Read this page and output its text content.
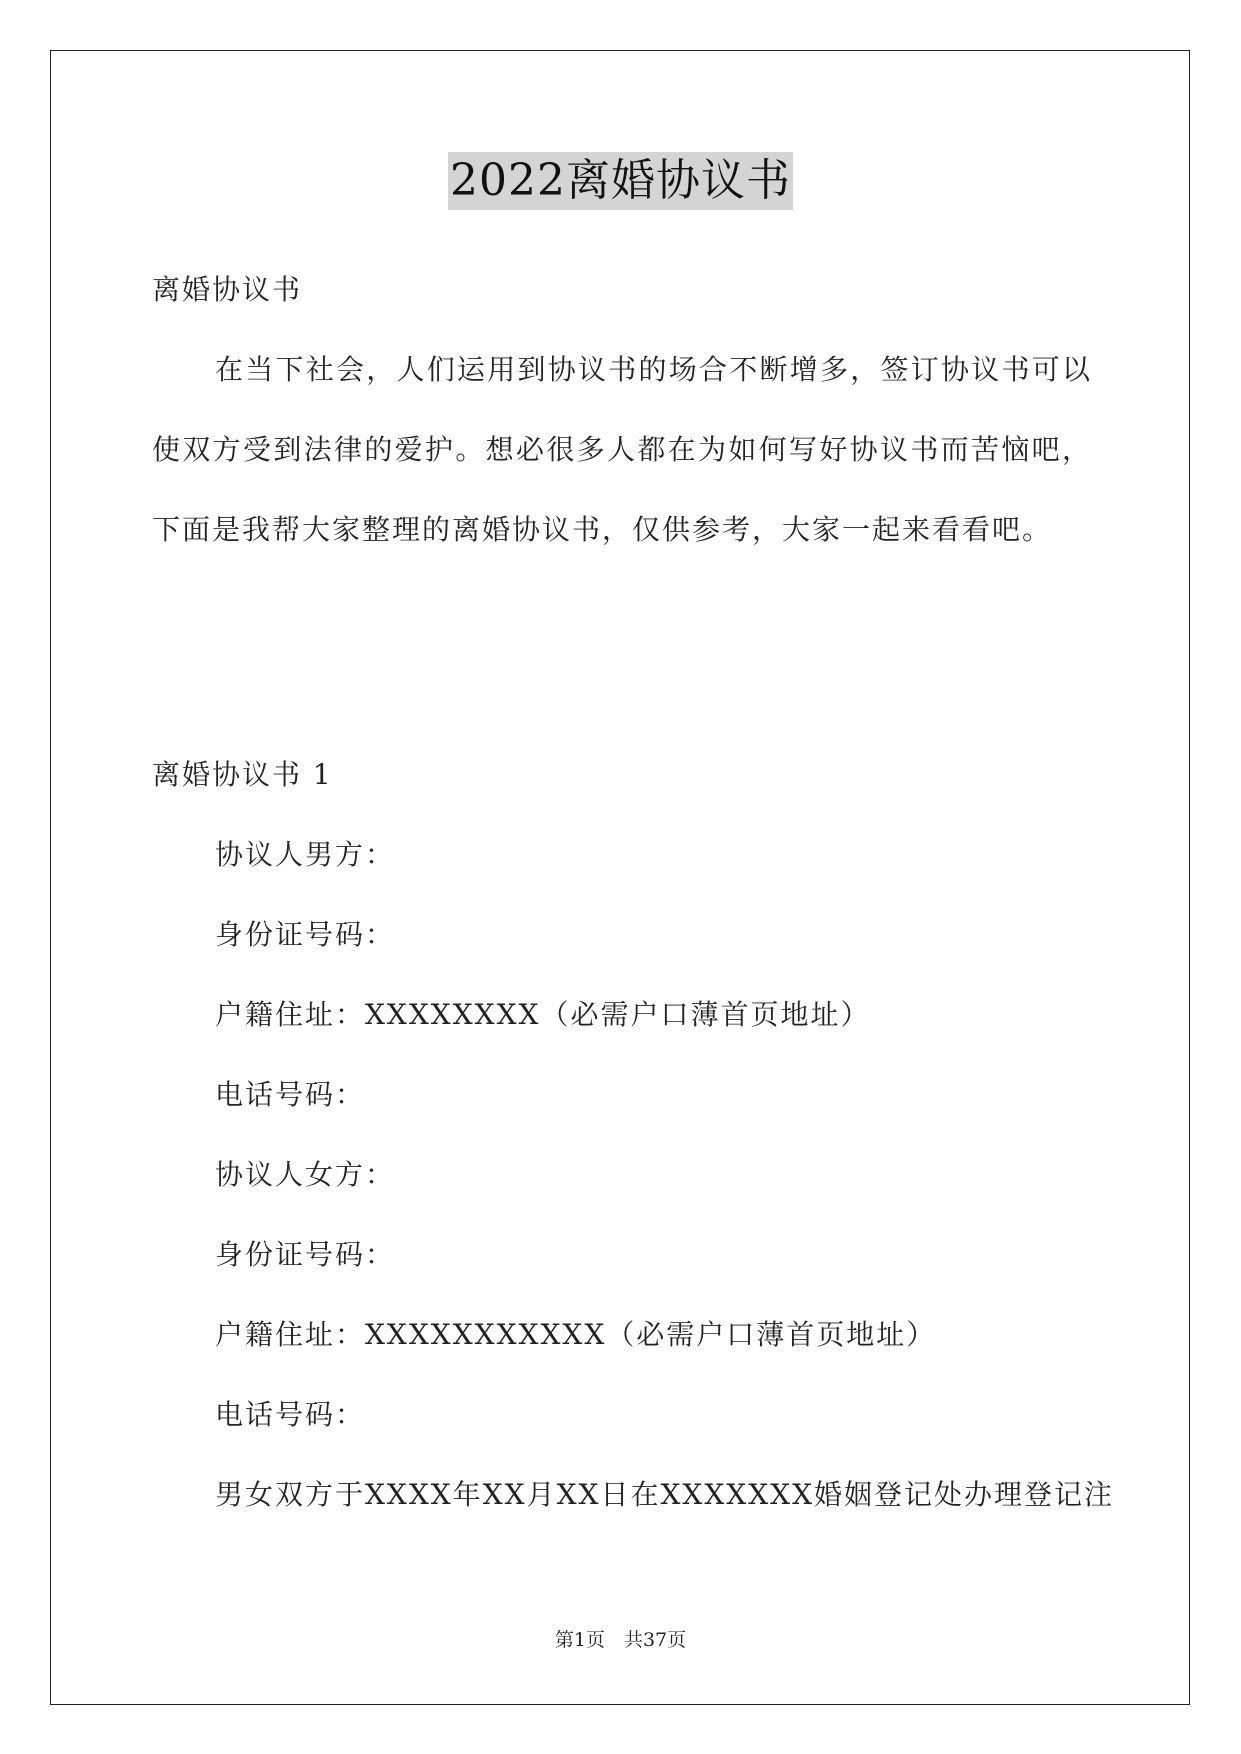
2022离婚协议书
离婚协议书
在当下社会，人们运用到协议书的场合不断增多，签订协议书可以使双方受到法律的爱护。想必很多人都在为如何写好协议书而苦恼吧，下面是我帮大家整理的离婚协议书，仅供参考，大家一起来看看吧。
离婚协议书 1
协议人男方：
身份证号码：
户籍住址：XXXXXXXX（必需户口薄首页地址）
电话号码：
协议人女方：
身份证号码：
户籍住址：XXXXXXXXXXX（必需户口薄首页地址）
电话号码：
男女双方于XXXX年XX月XX日在XXXXXXX婚姻登记处办理登记注
第1页　共37页
